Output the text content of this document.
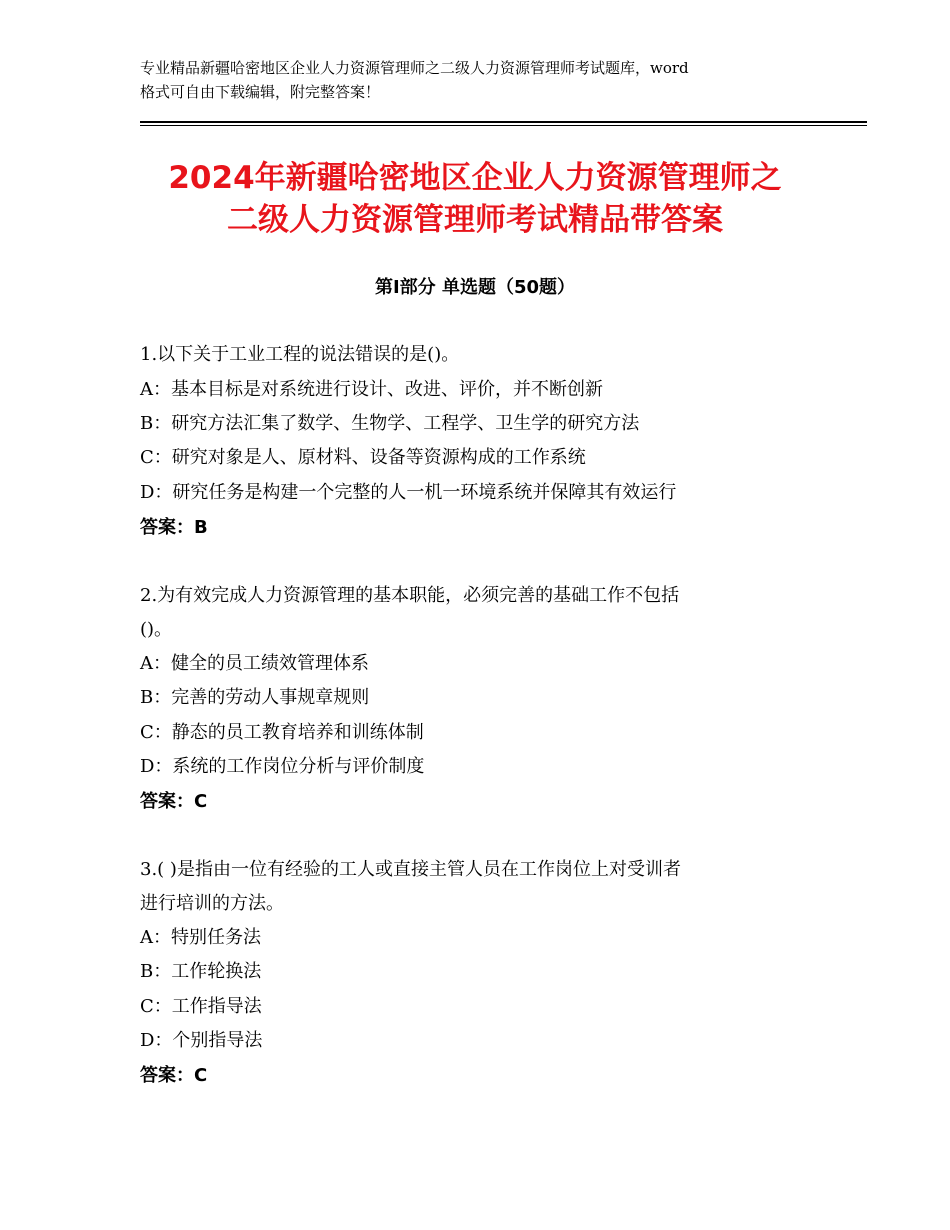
专业精品新疆哈密地区企业人力资源管理师之二级人力资源管理师考试题库，word
格式可自由下载编辑，附完整答案！
2024年新疆哈密地区企业人力资源管理师之
二级人力资源管理师考试精品带答案
第Ⅰ部分 单选题（50题）
1.以下关于工业工程的说法错误的是()。
A：基本目标是对系统进行设计、改进、评价，并不断创新
B：研究方法汇集了数学、生物学、工程学、卫生学的研究方法
C：研究对象是人、原材料、设备等资源构成的工作系统
D：研究任务是构建一个完整的人一机一环境系统并保障其有效运行
答案：B
2.为有效完成人力资源管理的基本职能，必须完善的基础工作不包括
()。
A：健全的员工绩效管理体系
B：完善的劳动人事规章规则
C：静态的员工教育培养和训练体制
D：系统的工作岗位分析与评价制度
答案：C
3.( )是指由一位有经验的工人或直接主管人员在工作岗位上对受训者
进行培训的方法。
A：特别任务法
B：工作轮换法
C：工作指导法
D：个别指导法
答案：C
